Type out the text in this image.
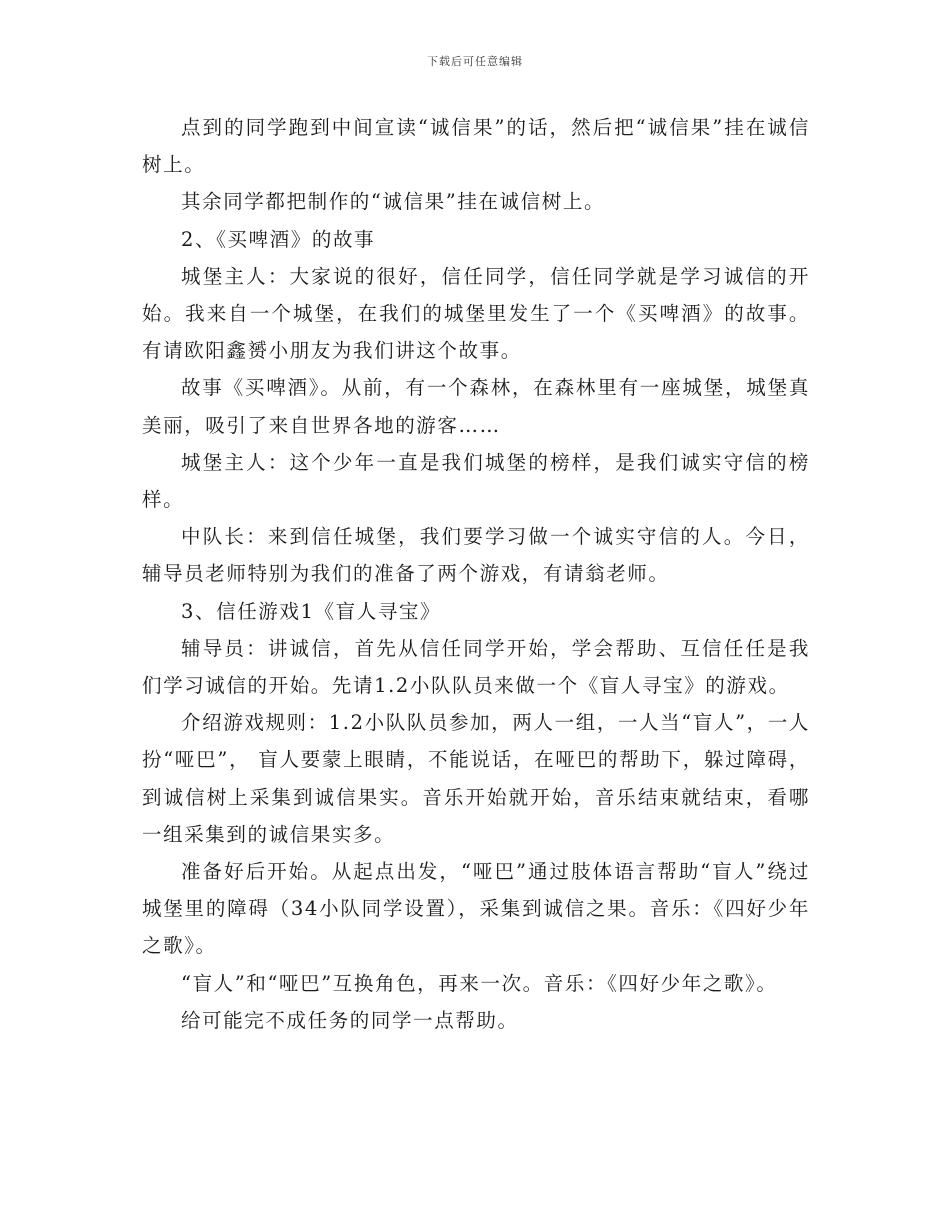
下载后可任意编辑

点到的同学跑到中间宣读“诚信果”的话，然后把“诚信果”挂在诚信树上。

其余同学都把制作的“诚信果”挂在诚信树上。

2、《买啤酒》的故事

城堡主人：大家说的很好，信任同学，信任同学就是学习诚信的开始。我来自一个城堡，在我们的城堡里发生了一个《买啤酒》的故事。有请欧阳鑫赟小朋友为我们讲这个故事。

故事《买啤酒》。从前，有一个森林，在森林里有一座城堡，城堡真美丽，吸引了来自世界各地的游客……

城堡主人：这个少年一直是我们城堡的榜样，是我们诚实守信的榜样。

中队长：来到信任城堡，我们要学习做一个诚实守信的人。今日，辅导员老师特别为我们的准备了两个游戏，有请翁老师。

3、信任游戏1《盲人寻宝》

辅导员：讲诚信，首先从信任同学开始，学会帮助、互信任任是我们学习诚信的开始。先请1.2小队队员来做一个《盲人寻宝》的游戏。

介绍游戏规则：1.2小队队员参加，两人一组，一人当“盲人”，一人扮“哑巴”， 盲人要蒙上眼睛，不能说话，在哑巴的帮助下，躲过障碍，到诚信树上采集到诚信果实。音乐开始就开始，音乐结束就结束，看哪一组采集到的诚信果实多。

准备好后开始。从起点出发，“哑巴”通过肢体语言帮助“盲人”绕过城堡里的障碍（34小队同学设置），采集到诚信之果。音乐：《四好少年之歌》。

“盲人”和“哑巴”互换角色，再来一次。音乐：《四好少年之歌》。

给可能完不成任务的同学一点帮助。
